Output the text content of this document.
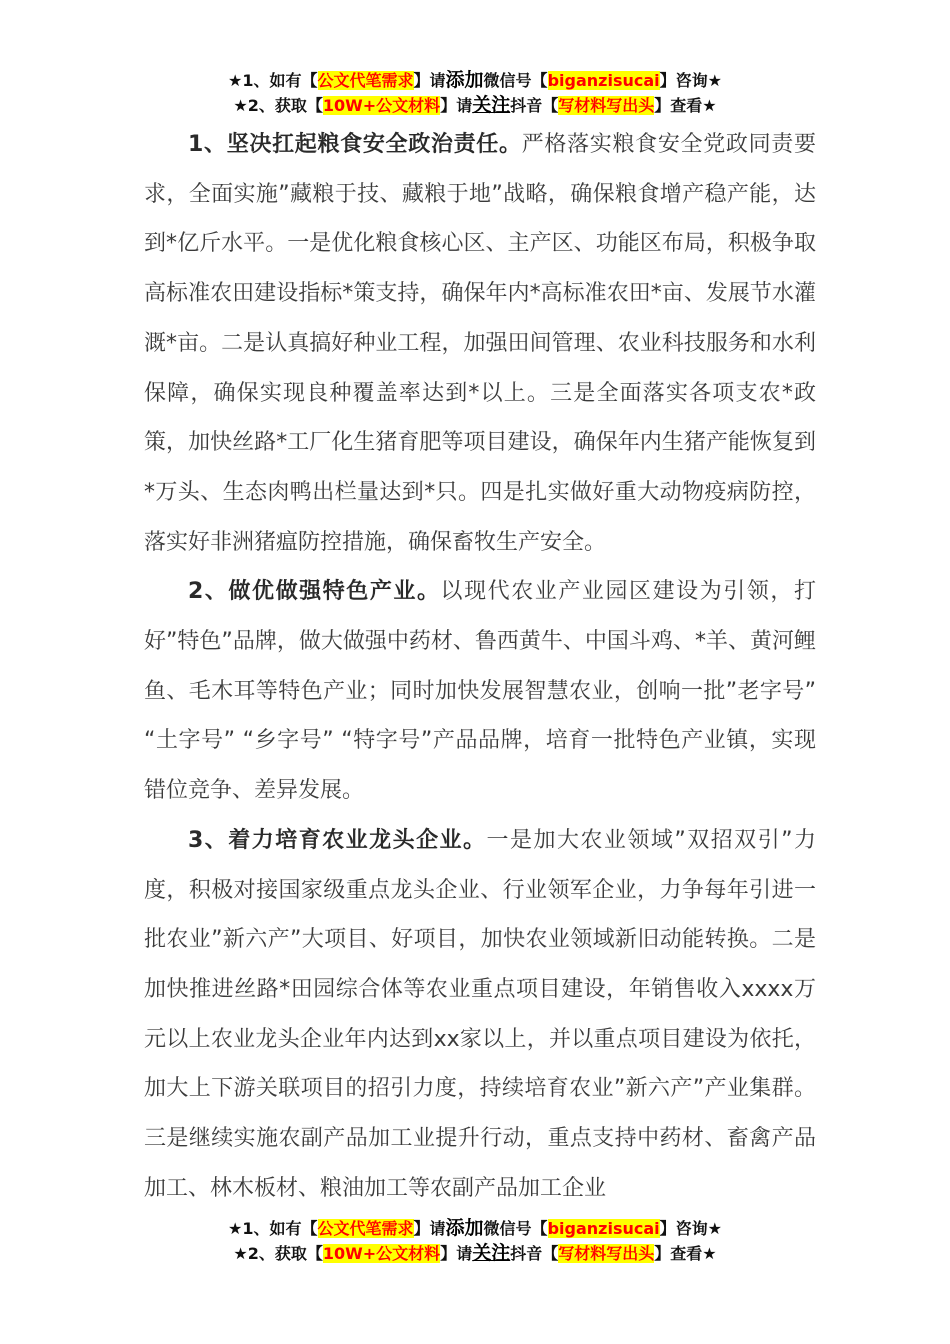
★1、如有【公文代笔需求】请添加微信号【biganzisucai】咨询★
★2、获取【10W+公文材料】请关注抖音【写材料写出头】查看★

1、坚决扛起粮食安全政治责任。严格落实粮食安全党政同责要求，全面实施”藏粮于技、藏粮于地”战略，确保粮食增产稳产能，达到*亿斤水平。一是优化粮食核心区、主产区、功能区布局，积极争取高标准农田建设指标*策支持，确保年内*高标准农田*亩、发展节水灌溉*亩。二是认真搞好种业工程，加强田间管理、农业科技服务和水利保障，确保实现良种覆盖率达到*以上。三是全面落实各项支农*政策，加快丝路*工厂化生猪育肥等项目建设，确保年内生猪产能恢复到*万头、生态肉鸭出栏量达到*只。四是扎实做好重大动物疫病防控，落实好非洲猪瘟防控措施，确保畜牧生产安全。

2、做优做强特色产业。以现代农业产业园区建设为引领，打好”特色”品牌，做大做强中药材、鲁西黄牛、中国斗鸡、*羊、黄河鲤鱼、毛木耳等特色产业；同时加快发展智慧农业，创响一批”老字号” “土字号” “乡字号” “特字号”产品品牌，培育一批特色产业镇，实现错位竞争、差异发展。

3、着力培育农业龙头企业。一是加大农业领域”双招双引”力度，积极对接国家级重点龙头企业、行业领军企业，力争每年引进一批农业”新六产”大项目、好项目，加快农业领域新旧动能转换。二是加快推进丝路*田园综合体等农业重点项目建设，年销售收入xxxx万元以上农业龙头企业年内达到xx家以上，并以重点项目建设为依托，加大上下游关联项目的招引力度，持续培育农业”新六产”产业集群。三是继续实施农副产品加工业提升行动，重点支持中药材、畜禽产品加工、林木板材、粮油加工等农副产品加工企业

★1、如有【公文代笔需求】请添加微信号【biganzisucai】咨询★
★2、获取【10W+公文材料】请关注抖音【写材料写出头】查看★
